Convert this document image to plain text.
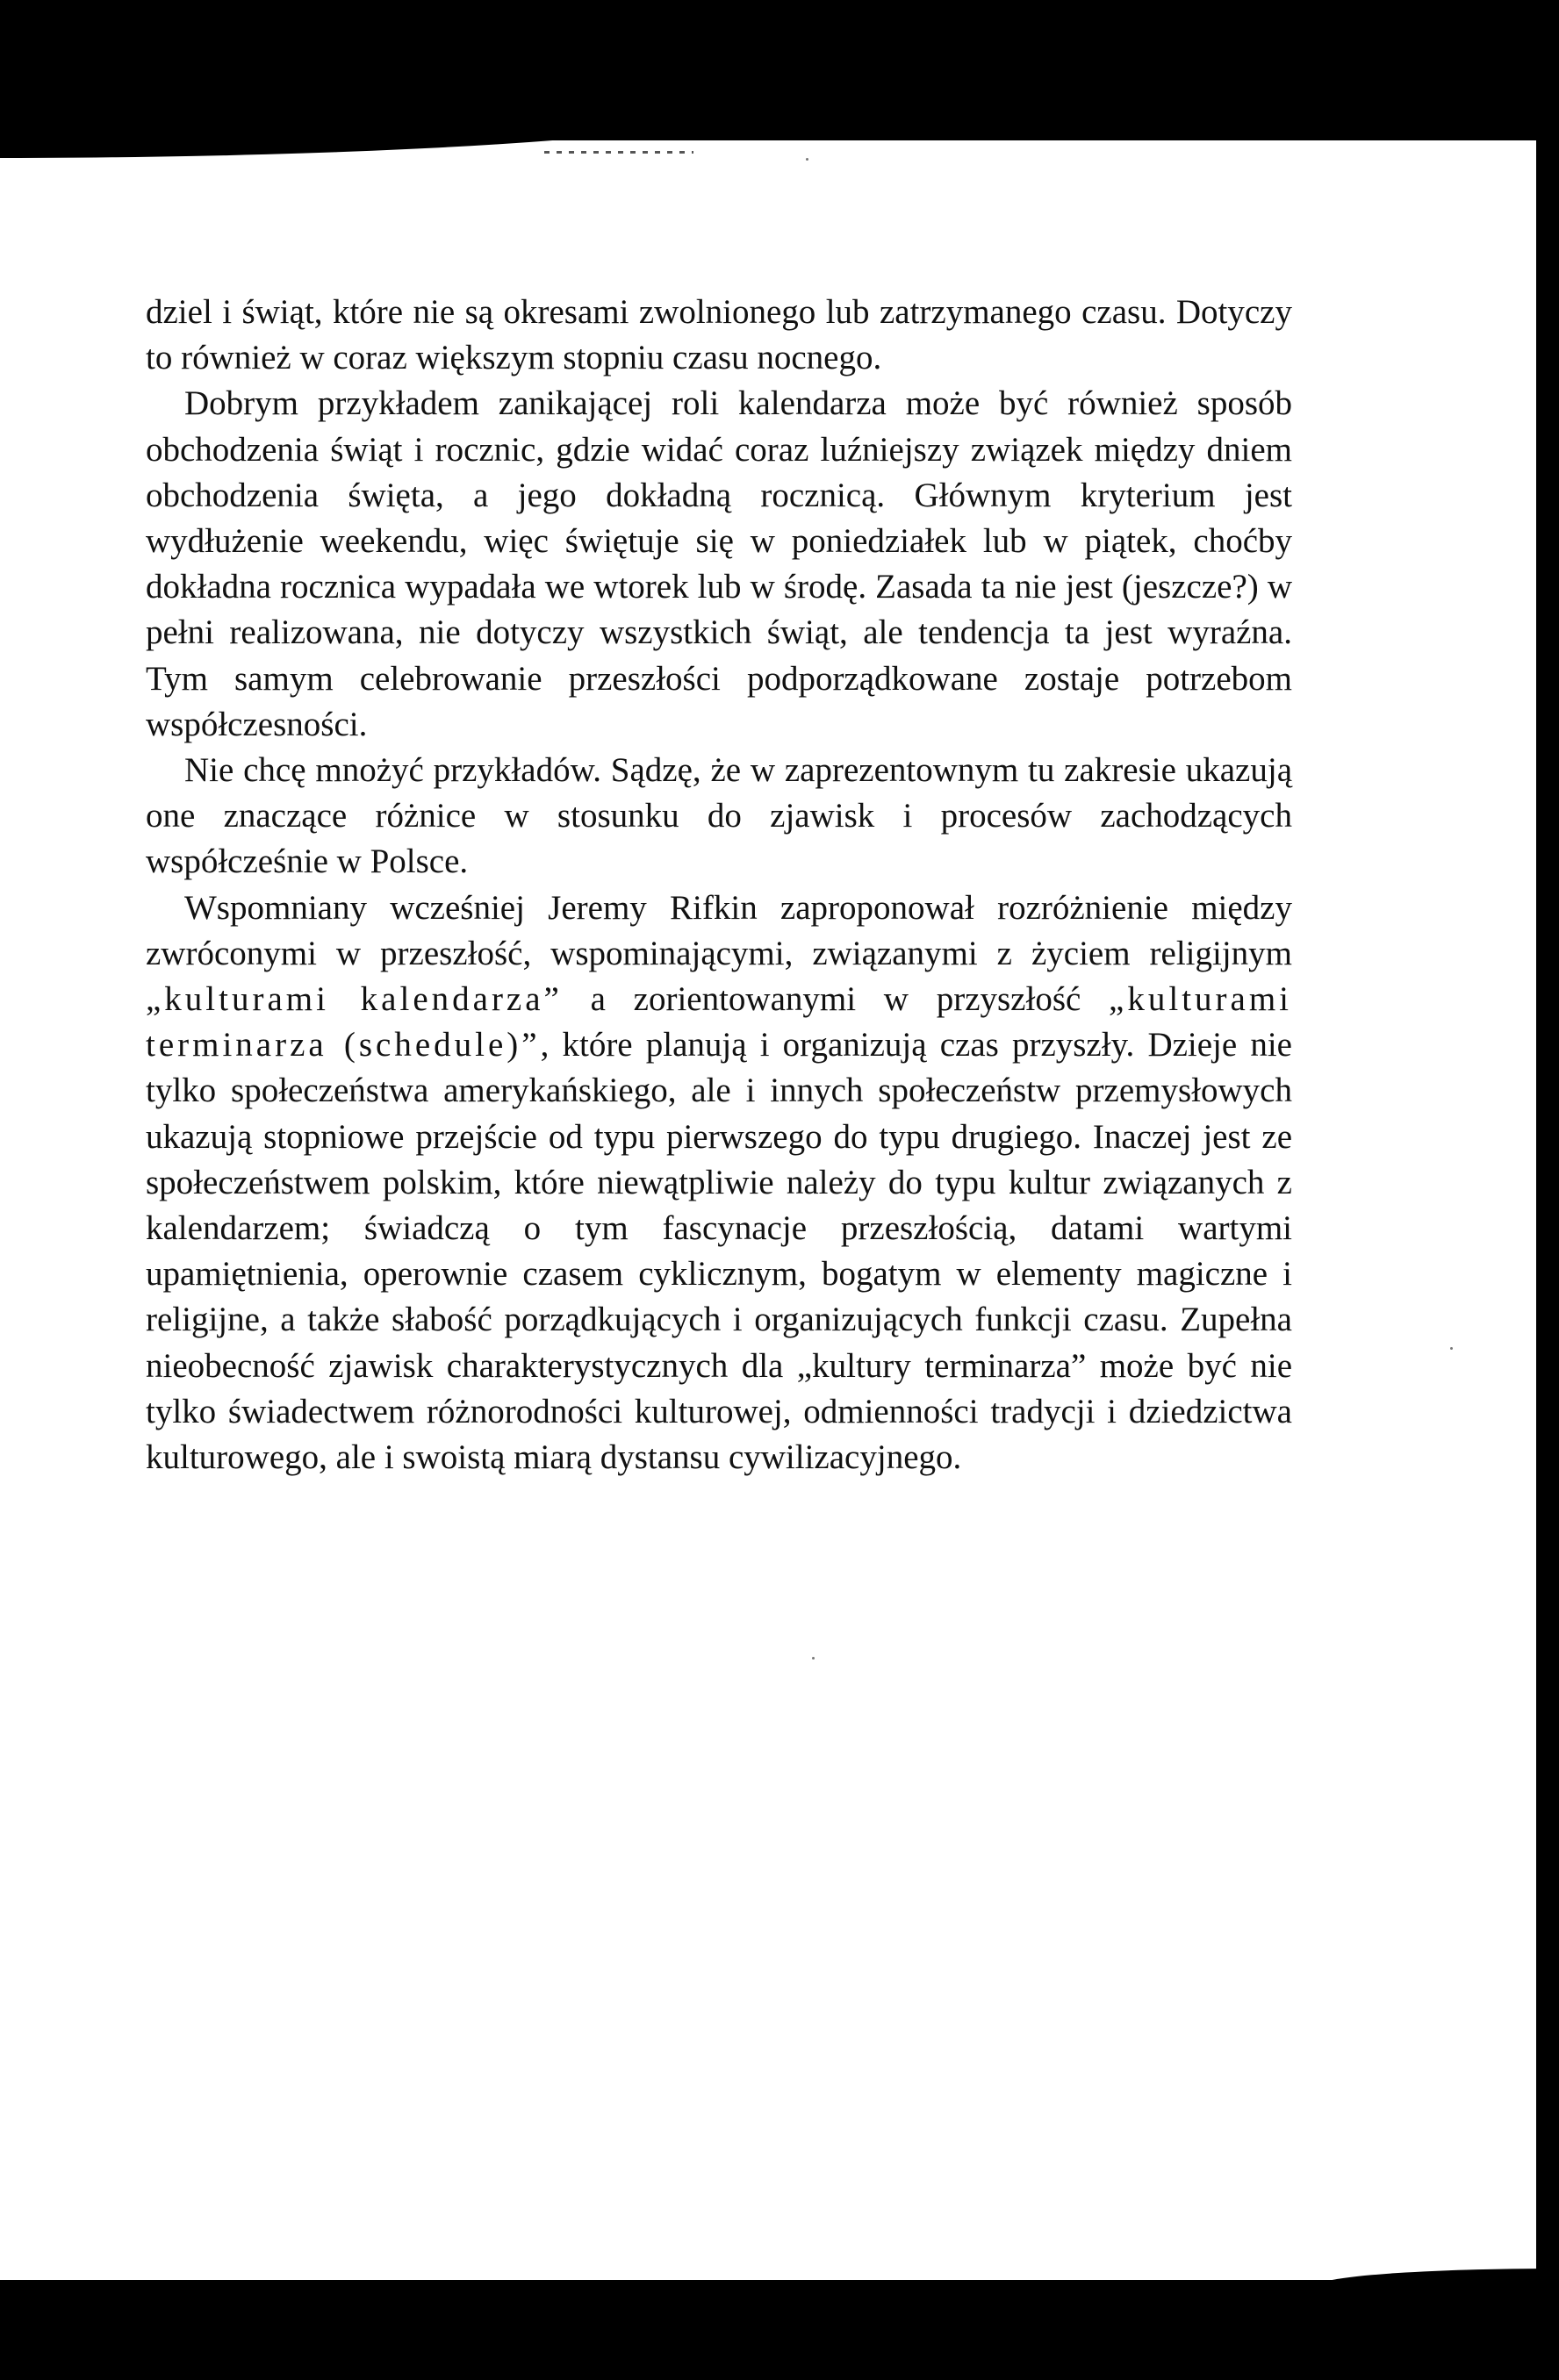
dziel i świąt, które nie są okresami zwolnionego lub zatrzymanego czasu. Dotyczy to również w coraz większym stopniu czasu nocnego.

Dobrym przykładem zanikającej roli kalendarza może być również sposób obchodzenia świąt i rocznic, gdzie widać coraz luźniejszy związek między dniem obchodzenia święta, a jego dokładną rocznicą. Głównym kryterium jest wydłużenie weekendu, więc świętuje się w poniedziałek lub w piątek, choćby dokładna rocznica wypadała we wtorek lub w środę. Zasada ta nie jest (jeszcze?) w pełni realizowana, nie dotyczy wszystkich świąt, ale tendencja ta jest wyraźna. Tym samym celebrowanie przeszłości podporządkowane zostaje potrzebom współczesności.

Nie chcę mnożyć przykładów. Sądzę, że w zaprezentownym tu zakresie ukazują one znaczące różnice w stosunku do zjawisk i procesów zachodzących współcześnie w Polsce.

Wspomniany wcześniej Jeremy Rifkin zaproponował rozróżnienie między zwróconymi w przeszłość, wspominającymi, związanymi z życiem religijnym „kulturami kalendarza” a zorientowanymi w przyszłość „kulturami terminarza (schedule)”, które planują i organizują czas przyszły. Dzieje nie tylko społeczeństwa amerykańskiego, ale i innych społeczeństw przemysłowych ukazują stopniowe przejście od typu pierwszego do typu drugiego. Inaczej jest ze społeczeństwem polskim, które niewątpliwie należy do typu kultur związanych z kalendarzem; świadczą o tym fascynacje przeszłością, datami wartymi upamiętnienia, operownie czasem cyklicznym, bogatym w elementy magiczne i religijne, a także słabość porządkujących i organizujących funkcji czasu. Zupełna nieobecność zjawisk charakterystycznych dla „kultury terminarza” może być nie tylko świadectwem różnorodności kulturowej, odmienności tradycji i dziedzictwa kulturowego, ale i swoistą miarą dystansu cywilizacyjnego.
